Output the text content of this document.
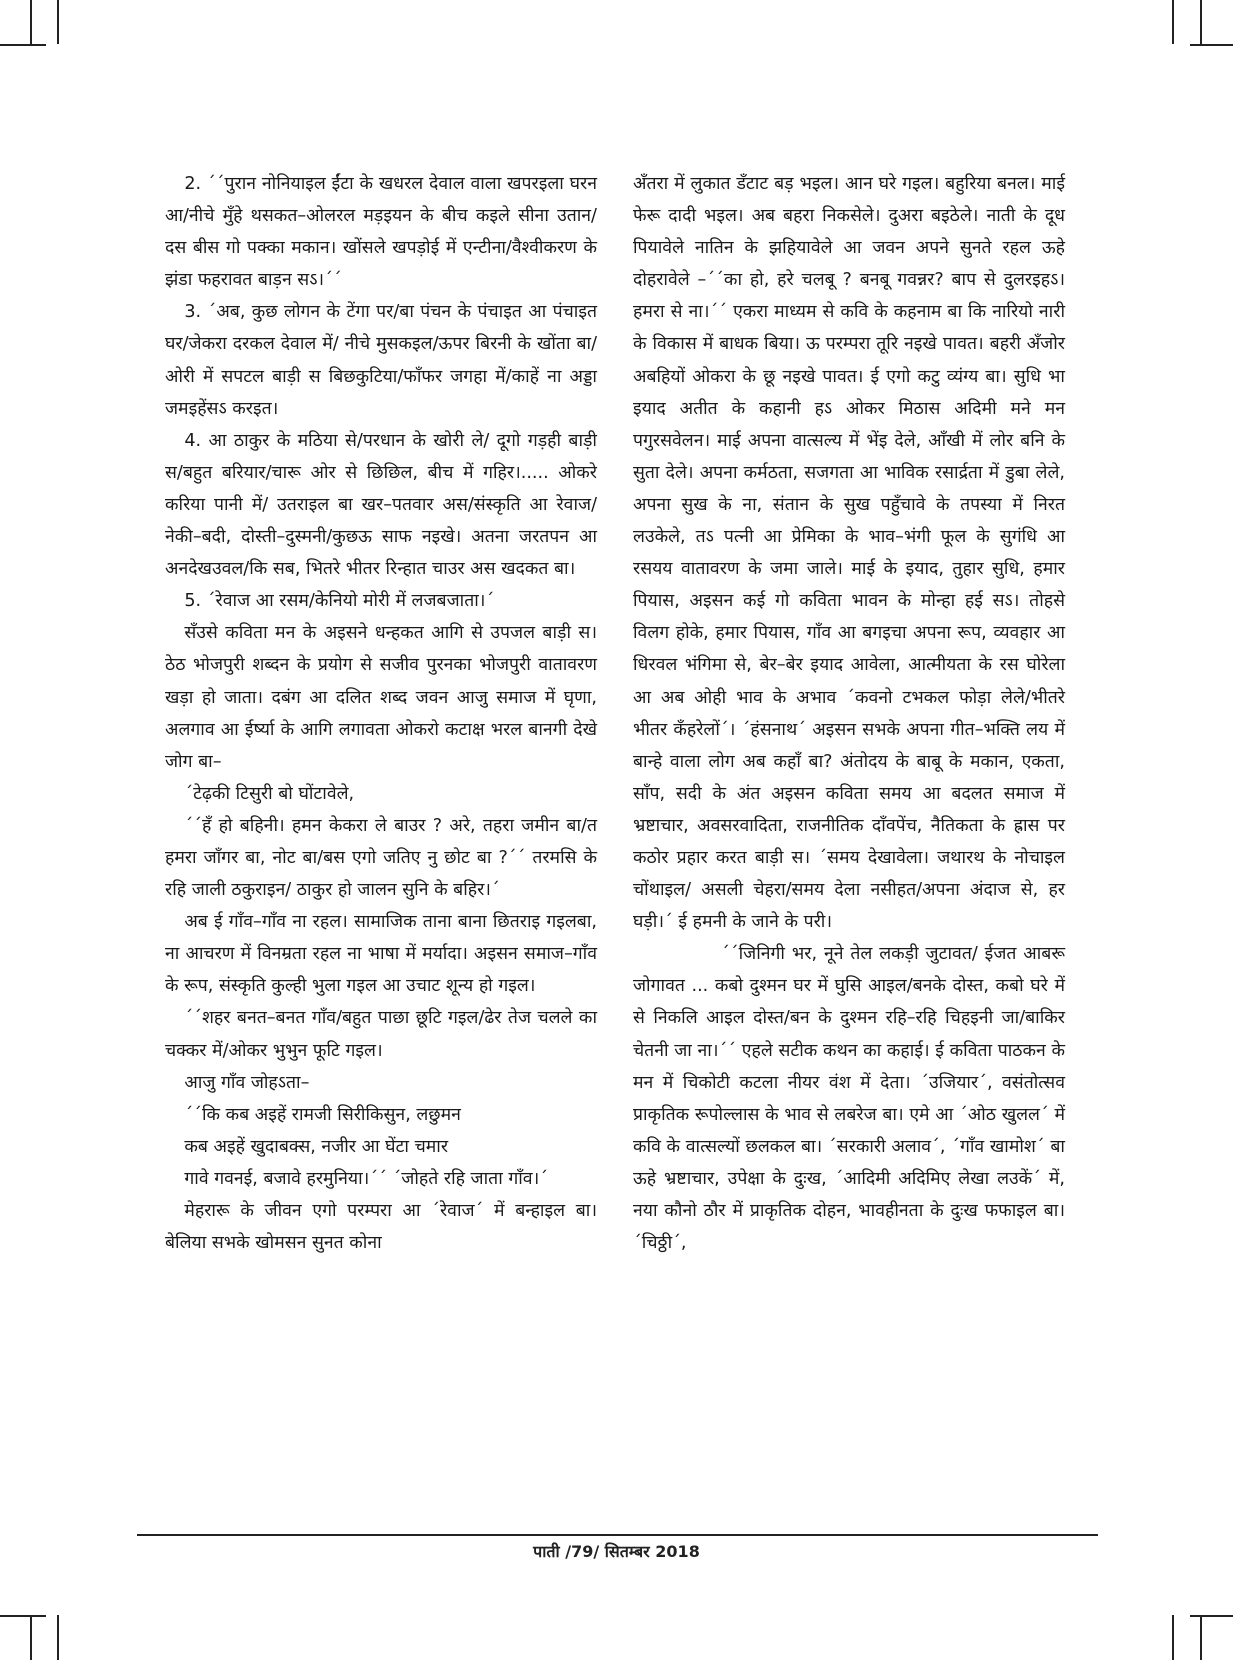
2. ´´पुरान नोनियाइल ईंटा के खधरल देवाल वाला खपरइला घरन आ/नीचे मुँहे थसकत–ओलरल मड़इयन के बीच कइले सीना उतान/दस बीस गो पक्का मकान। खोंसले खपड़ोई में एन्टीना/वैश्वीकरण के झंडा फहरावत बाड़न सऽ।´´

3. ´अब, कुछ लोगन के टेंगा पर/बा पंचन के पंचाइत आ पंचाइत घर/जेकरा दरकल देवाल में/ नीचे मुसकइल/ऊपर बिरनी के खोंता बा/ओरी में सपटल बाड़ी स बिछकुटिया/फाँफर जगहा में/काहें ना अड्डा जमइहेंसऽ करइत।

4. आ ठाकुर के मठिया से/परधान के खोरी ले/ दूगो गड़ही बाड़ी स/बहुत बरियार/चारू ओर से छिछिल, बीच में गहिर।..... ओकरे करिया पानी में/ उतराइल बा खर–पतवार अस/संस्कृति आ रेवाज/ नेकी–बदी, दोस्ती–दुस्मनी/कुछऊ साफ नइखे। अतना जरतपन आ अनदेखउवल/कि सब, भितरे भीतर रिन्हात चाउर अस खदकत बा।

5. ´रेवाज आ रसम/केनियो मोरी में लजबजाता।´

सँउसे कविता मन के अइसने धन्हकत आगि से उपजल बाड़ी स। ठेठ भोजपुरी शब्दन के प्रयोग से सजीव पुरनका भोजपुरी वातावरण खड़ा हो जाता। दबंग आ दलित शब्द जवन आजु समाज में घृणा, अलगाव आ ईर्ष्या के आगि लगावता ओकरो कटाक्ष भरल बानगी देखे जोग बा–

´टेढ़की टिसुरी बो घोंटावेले,

´´हँ हो बहिनी। हमन केकरा ले बाउर ? अरे, तहरा जमीन बा/त हमरा जाँगर बा, नोट बा/बस एगो जतिए नु छोट बा ?´´ तरमसि के रहि जाली ठकुराइन/ ठाकुर हो जालन सुनि के बहिर।´

अब ई गाँव–गाँव ना रहल। सामाजिक ताना बाना छितराइ गइलबा, ना आचरण में विनम्रता रहल ना भाषा में मर्यादा। अइसन समाज–गाँव के रूप, संस्कृति कुल्ही भुला गइल आ उचाट शून्य हो गइल।

´´शहर बनत–बनत गाँव/बहुत पाछा छूटि गइल/ढेर तेज चलले का चक्कर में/ओकर भुभुन फूटि गइल।

आजु गाँव जोहऽता–

´´कि कब अइहें रामजी सिरीकिसुन, लछुमन

कब अइहें खुदाबक्स, नजीर आ घेंटा चमार

गावे गवनई, बजावे हरमुनिया।´´ ´जोहते रहि जाता गाँव।´

मेहरारू के जीवन एगो परम्परा आ ´रेवाज´ में बन्हाइल बा। बेलिया सभके खोमसन सुनत कोना

अँतरा में लुकात डँटाट बड़ भइल। आन घरे गइल। बहुरिया बनल। माई फेरू दादी भइल। अब बहरा निकसेले। दुअरा बइठेले। नाती के दूध पियावेले नातिन के झहियावेले आ जवन अपने सुनते रहल ऊहे दोहरावेले –´´का हो, हरे चलबू ? बनबू गवन्नर? बाप से दुलरइहऽ। हमरा से ना।´´ एकरा माध्यम से कवि के कहनाम बा कि नारियो नारी के विकास में बाधक बिया। ऊ परम्परा तूरि नइखे पावत। बहरी अँजोर अबहियों ओकरा के छू नइखे पावत। ई एगो कटु व्यंग्य बा। सुधि भा इयाद अतीत के कहानी हऽ ओकर मिठास अदिमी मने मन पगुरसवेलन। माई अपना वात्सल्य में भेंइ देले, आँखी में लोर बनि के सुता देले। अपना कर्मठता, सजगता आ भाविक रसार्द्रता में डुबा लेले, अपना सुख के ना, संतान के सुख पहुँचावे के तपस्या में निरत लउकेले, तऽ पत्नी आ प्रेमिका के भाव–भंगी फूल के सुगंधि आ रसयय वातावरण के जमा जाले। माई के इयाद, तुहार सुधि, हमार पियास, अइसन कई गो कविता भावन के मोन्हा हई सऽ। तोहसे विलग होके, हमार पियास, गाँव आ बगइचा अपना रूप, व्यवहार आ धिरवल भंगिमा से, बेर–बेर इयाद आवेला, आत्मीयता के रस घोरेला आ अब ओही भाव के अभाव ´कवनो टभकल फोड़ा लेले/भीतरे भीतर कँहरेलों´। ´हंसनाथ´ अइसन सभके अपना गीत–भक्ति लय में बान्हे वाला लोग अब कहाँ बा? अंतोदय के बाबू के मकान, एकता, साँप, सदी के अंत अइसन कविता समय आ बदलत समाज में भ्रष्टाचार, अवसरवादिता, राजनीतिक दाँवपेंच, नैतिकता के ह्रास पर कठोर प्रहार करत बाड़ी स। ´समय देखावेला। जथारथ के नोचाइल चोंथाइल/ असली चेहरा/समय देला नसीहत/अपना अंदाज से, हर घड़ी।´ ई हमनी के जाने के परी।

´´जिनिगी भर, नूने तेल लकड़ी जुटावत/ ईजत आबरू जोगावत ... कबो दुश्मन घर में घुसि आइल/बनके दोस्त, कबो घरे में से निकलि आइल दोस्त/बन के दुश्मन रहि–रहि चिहइनी जा/बाकिर चेतनी जा ना।´´ एहले सटीक कथन का कहाई। ई कविता पाठकन के मन में चिकोटी कटला नीयर वंश में देता। ´उजियार´, वसंतोत्सव प्राकृतिक रूपोल्लास के भाव से लबरेज बा। एमे आ ´ओठ खुलल´ में कवि के वात्सल्यों छलकल बा। ´सरकारी अलाव´, ´गाँव खामोश´ बा ऊहे भ्रष्टाचार, उपेक्षा के दुःख, ´आदिमी अदिमिए लेखा लउकें´ में, नया कौनो ठौर में प्राकृतिक दोहन, भावहीनता के दुःख फफाइल बा। ´चिठ्ठी´,

पाती /79/ सितम्बर 2018
